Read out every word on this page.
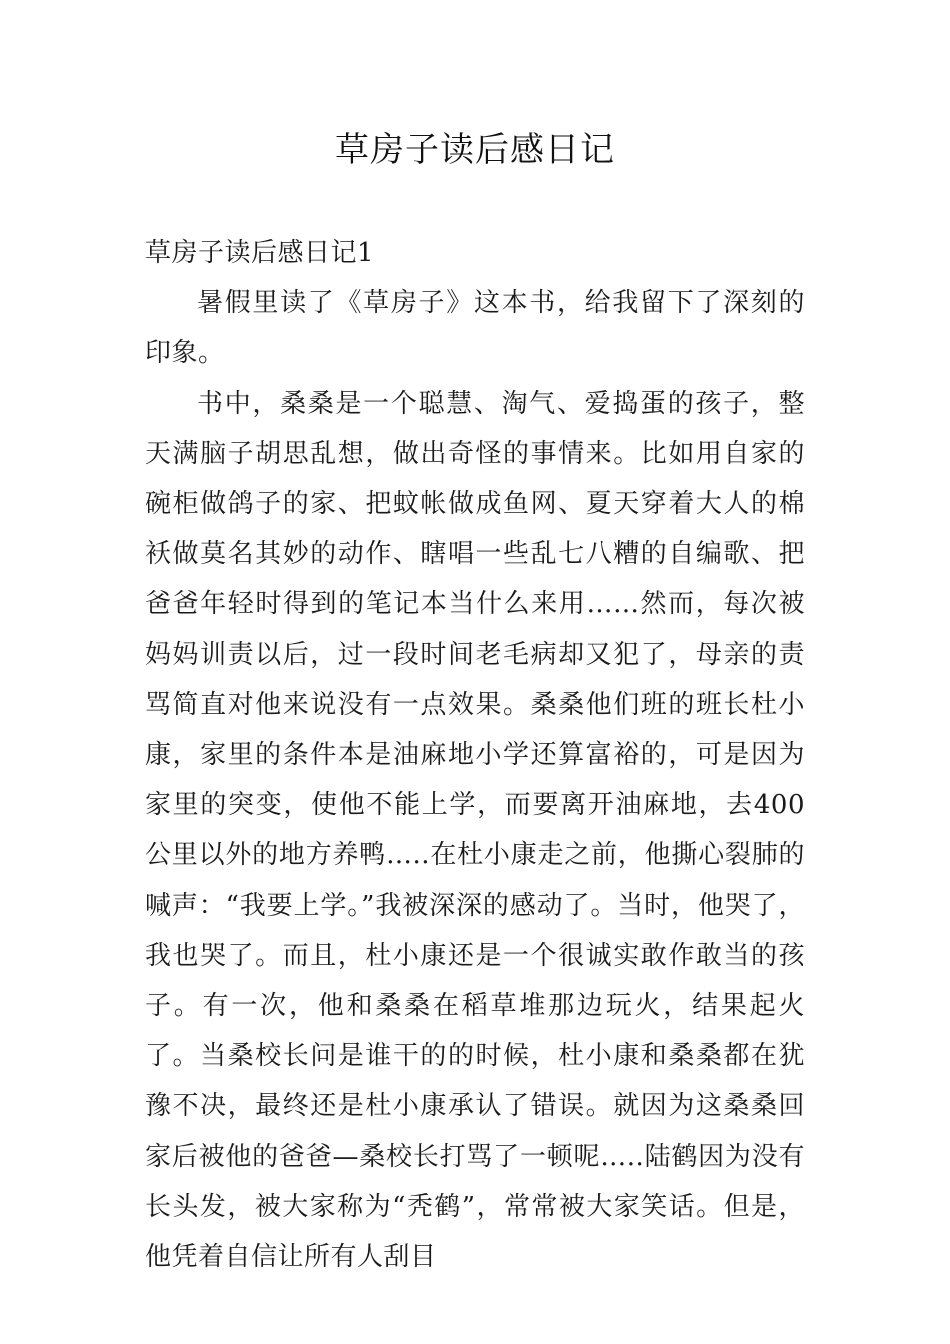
草房子读后感日记

草房子读后感日记1

暑假里读了《草房子》这本书，给我留下了深刻的印象。

书中，桑桑是一个聪慧、淘气、爱捣蛋的孩子，整天满脑子胡思乱想，做出奇怪的事情来。比如用自家的碗柜做鸽子的家、把蚊帐做成鱼网、夏天穿着大人的棉袄做莫名其妙的动作、瞎唱一些乱七八糟的自编歌、把爸爸年轻时得到的笔记本当什么来用……然而，每次被妈妈训责以后，过一段时间老毛病却又犯了，母亲的责骂简直对他来说没有一点效果。桑桑他们班的班长杜小康，家里的条件本是油麻地小学还算富裕的，可是因为家里的突变，使他不能上学，而要离开油麻地，去400公里以外的地方养鸭…..在杜小康走之前，他撕心裂肺的喊声：“我要上学。”我被深深的感动了。当时，他哭了，我也哭了。而且，杜小康还是一个很诚实敢作敢当的孩子。有一次，他和桑桑在稻草堆那边玩火，结果起火了。当桑校长问是谁干的的时候，杜小康和桑桑都在犹豫不决，最终还是杜小康承认了错误。就因为这桑桑回家后被他的爸爸—桑校长打骂了一顿呢…..陆鹤因为没有长头发，被大家称为“秃鹤”，常常被大家笑话。但是，他凭着自信让所有人刮目
